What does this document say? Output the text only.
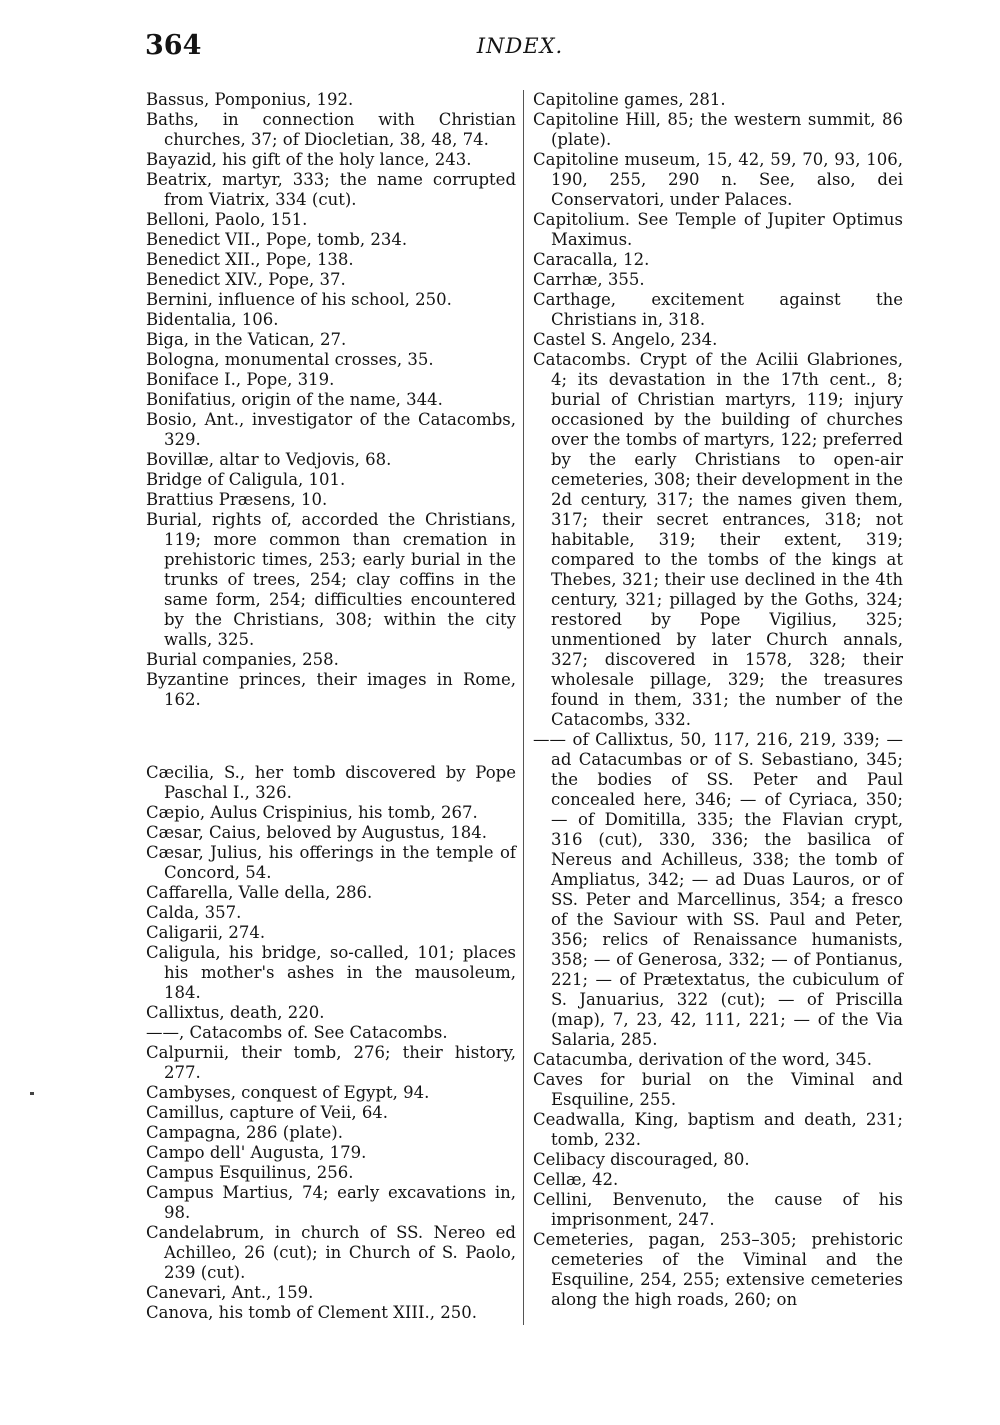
364	INDEX.

Bassus, Pomponius, 192.

Baths, in connection with Christian churches, 37; of Diocletian, 38, 48, 74.

Bayazid, his gift of the holy lance, 243.

Beatrix, martyr, 333; the name corrupted from Viatrix, 334 (cut).

Belloni, Paolo, 151.

Benedict VII., Pope, tomb, 234.

Benedict XII., Pope, 138.

Benedict XIV., Pope, 37.

Bernini, influence of his school, 250.

Bidentalia, 106.

Biga, in the Vatican, 27.

Bologna, monumental crosses, 35.

Boniface I., Pope, 319.

Bonifatius, origin of the name, 344.

Bosio, Ant., investigator of the Catacombs, 329.

Bovillæ, altar to Vedjovis, 68.

Bridge of Caligula, 101.

Brattius Præsens, 10.

Burial, rights of, accorded the Christians, 119; more common than cremation in prehistoric times, 253; early burial in the trunks of trees, 254; clay coffins in the same form, 254; difficulties encountered by the Christians, 308; within the city walls, 325.

Burial companies, 258.

Byzantine princes, their images in Rome, 162.

Cæcilia, S., her tomb discovered by Pope Paschal I., 326.

Cæpio, Aulus Crispinius, his tomb, 267.

Cæsar, Caius, beloved by Augustus, 184.

Cæsar, Julius, his offerings in the temple of Concord, 54.

Caffarella, Valle della, 286.

Calda, 357.

Caligarii, 274.

Caligula, his bridge, so-called, 101; places his mother's ashes in the mausoleum, 184.

Callixtus, death, 220.

——, Catacombs of. See Catacombs.

Calpurnii, their tomb, 276; their history, 277.

Cambyses, conquest of Egypt, 94.

Camillus, capture of Veii, 64.

Campagna, 286 (plate).

Campo dell' Augusta, 179.

Campus Esquilinus, 256.

Campus Martius, 74; early excavations in, 98.

Candelabrum, in church of SS. Nereo ed Achilleo, 26 (cut); in Church of S. Paolo, 239 (cut).

Canevari, Ant., 159.

Canova, his tomb of Clement XIII., 250.

Capitoline games, 281.

Capitoline Hill, 85; the western summit, 86 (plate).

Capitoline museum, 15, 42, 59, 70, 93, 106, 190, 255, 290 n. See, also, dei Conservatori, under Palaces.

Capitolium. See Temple of Jupiter Optimus Maximus.

Caracalla, 12.

Carrhæ, 355.

Carthage, excitement against the Christians in, 318.

Castel S. Angelo, 234.

Catacombs. Crypt of the Acilii Glabriones, 4; its devastation in the 17th cent., 8; burial of Christian martyrs, 119; injury occasioned by the building of churches over the tombs of martyrs, 122; preferred by the early Christians to open-air cemeteries, 308; their development in the 2d century, 317; the names given them, 317; their secret entrances, 318; not habitable, 319; their extent, 319; compared to the tombs of the kings at Thebes, 321; their use declined in the 4th century, 321; pillaged by the Goths, 324; restored by Pope Vigilius, 325; unmentioned by later Church annals, 327; discovered in 1578, 328; their wholesale pillage, 329; the treasures found in them, 331; the number of the Catacombs, 332.

—— of Callixtus, 50, 117, 216, 219, 339; — ad Catacumbas or of S. Sebastiano, 345; the bodies of SS. Peter and Paul concealed here, 346; — of Cyriaca, 350; — of Domitilla, 335; the Flavian crypt, 316 (cut), 330, 336; the basilica of Nereus and Achilleus, 338; the tomb of Ampliatus, 342; — ad Duas Lauros, or of SS. Peter and Marcellinus, 354; a fresco of the Saviour with SS. Paul and Peter, 356; relics of Renaissance humanists, 358; — of Generosa, 332; — of Pontianus, 221; — of Prætextatus, the cubiculum of S. Januarius, 322 (cut); — of Priscilla (map), 7, 23, 42, 111, 221; — of the Via Salaria, 285.

Catacumba, derivation of the word, 345.

Caves for burial on the Viminal and Esquiline, 255.

Ceadwalla, King, baptism and death, 231; tomb, 232.

Celibacy discouraged, 80.

Cellæ, 42.

Cellini, Benvenuto, the cause of his imprisonment, 247.

Cemeteries, pagan, 253–305; prehistoric cemeteries of the Viminal and the Esquiline, 254, 255; extensive cemeteries along the high roads, 260; on
